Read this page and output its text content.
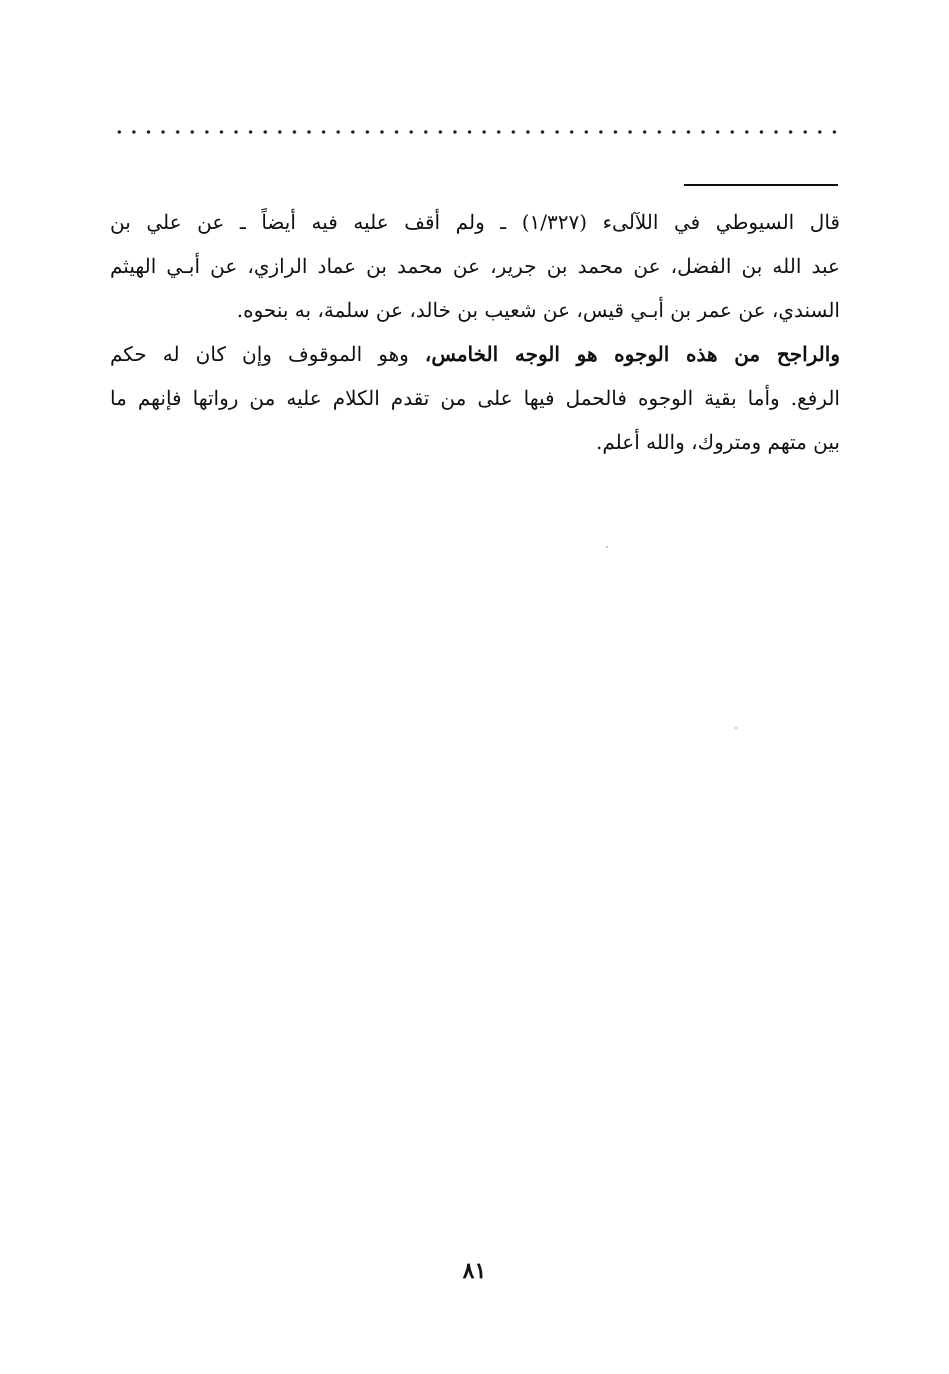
قال السيوطي في اللآلىء (١/٣٢٧) ـ ولم أقف عليه فيه أيضاً ـ عن علي بن
عبد الله بن الفضل، عن محمد بن جرير، عن محمد بن عماد الرازي، عن أبـي الهيثم
السندي، عن عمر بن أبـي قيس، عن شعيب بن خالد، عن سلمة، به بنحوه.
والراجح من هذه الوجوه هو الوجه الخامس، وهو الموقوف وإن كان له حكم
الرفع. وأما بقية الوجوه فالحمل فيها على من تقدم الكلام عليه من رواتها فإنهم ما
بين متهم ومتروك، والله أعلم.
٨١
